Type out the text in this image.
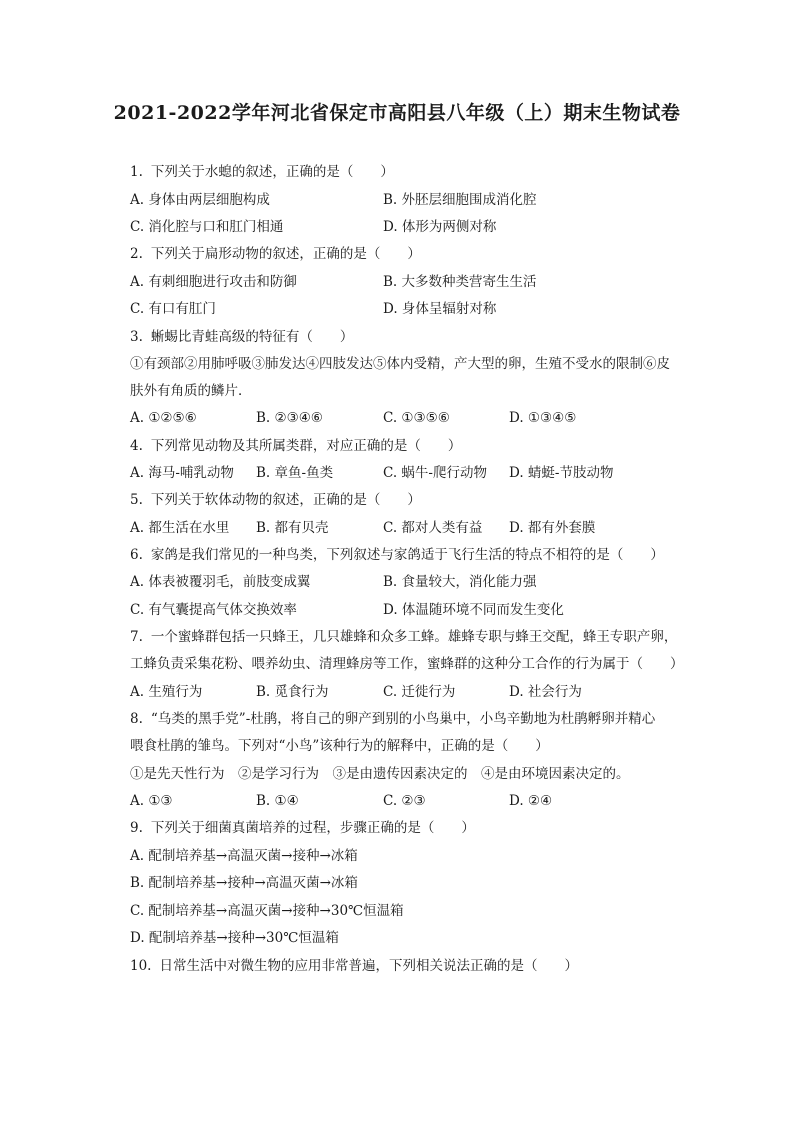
2021-2022学年河北省保定市高阳县八年级（上）期末生物试卷
1. 下列关于水螅的叙述，正确的是（　　）
A. 身体由两层细胞构成	B. 外胚层细胞围成消化腔
C. 消化腔与口和肛门相通	D. 体形为两侧对称
2. 下列关于扁形动物的叙述，正确的是（　　）
A. 有刺细胞进行攻击和防御	B. 大多数种类营寄生生活
C. 有口有肛门	D. 身体呈辐射对称
3. 蜥蜴比青蛙高级的特征有（　　）
①有颈部②用肺呼吸③肺发达④四肢发达⑤体内受精，产大型的卵，生殖不受水的限制⑥皮
肤外有角质的鳞片．
A. ①②⑤⑥	B. ②③④⑥	C. ①③⑤⑥	D. ①③④⑤
4. 下列常见动物及其所属类群，对应正确的是（　　）
A. 海马-哺乳动物 B. 章鱼-鱼类	C. 蜗牛-爬行动物 D. 蜻蜓-节肢动物
5. 下列关于软体动物的叙述，正确的是（　　）
A. 都生活在水里 B. 都有贝壳	C. 都对人类有益 D. 都有外套膜
6. 家鸽是我们常见的一种鸟类，下列叙述与家鸽适于飞行生活的特点不相符的是（　　）
A. 体表被覆羽毛，前肢变成翼	B. 食量较大，消化能力强
C. 有气囊提高气体交换效率	D. 体温随环境不同而发生变化
7. 一个蜜蜂群包括一只蜂王，几只雄蜂和众多工蜂。雄蜂专职与蜂王交配，蜂王专职产卵，
工蜂负责采集花粉、喂养幼虫、清理蜂房等工作，蜜蜂群的这种分工合作的行为属于（　　）
A. 生殖行为	B. 觅食行为	C. 迁徙行为	D. 社会行为
8. “乌类的黑手党”-杜鹃，将自己的卵产到别的小鸟巢中，小鸟辛勤地为杜鹃孵卵并精心
喂食杜鹃的雏鸟。下列对“小鸟”该种行为的解释中，正确的是（　　）
①是先天性行为　②是学习行为　③是由遗传因素决定的　④是由环境因素决定的。
A. ①③	B. ①④	C. ②③	D. ②④
9. 下列关于细菌真菌培养的过程，步骤正确的是（　　）
A. 配制培养基→高温灭菌→接种→冰箱
B. 配制培养基→接种→高温灭菌→冰箱
C. 配制培养基→高温灭菌→接种→30℃恒温箱
D. 配制培养基→接种→30℃恒温箱
10. 日常生活中对微生物的应用非常普遍，下列相关说法正确的是（　　）
